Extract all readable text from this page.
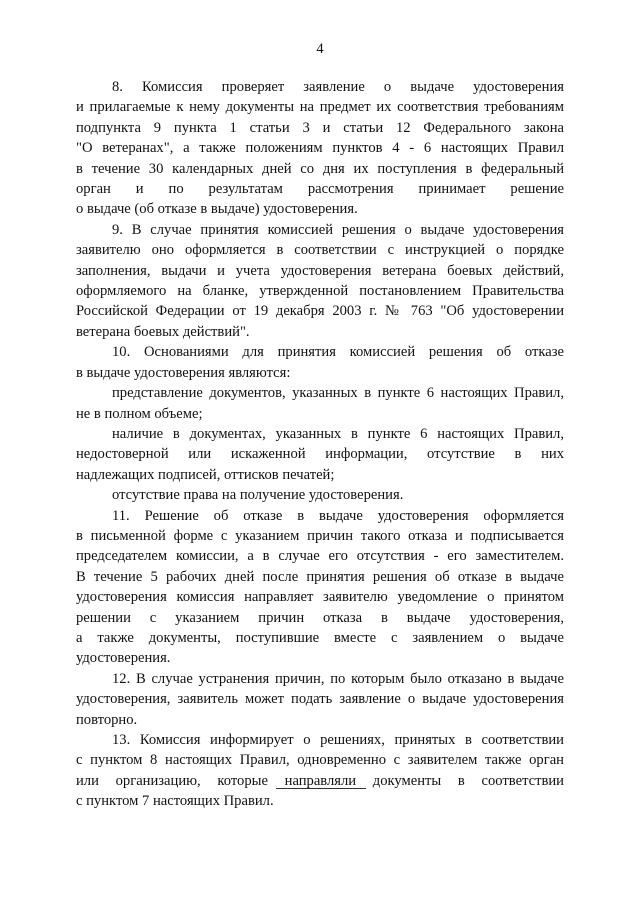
4
8. Комиссия проверяет заявление о выдаче удостоверения
и прилагаемые к нему документы на предмет их соответствия требованиям
подпункта 9 пункта 1 статьи 3 и статьи 12 Федерального закона
"О ветеранах", а также положениям пунктов 4 - 6 настоящих Правил
в течение 30 календарных дней со дня их поступления в федеральный
орган и по результатам рассмотрения принимает решение
о выдаче (об отказе в выдаче) удостоверения.
9. В случае принятия комиссией решения о выдаче удостоверения
заявителю оно оформляется в соответствии с инструкцией о порядке
заполнения, выдачи и учета удостоверения ветерана боевых действий,
оформляемого на бланке, утвержденной постановлением Правительства
Российской Федерации от 19 декабря 2003 г. № 763 "Об удостоверении
ветерана боевых действий".
10. Основаниями для принятия комиссией решения об отказе
в выдаче удостоверения являются:
представление документов, указанных в пункте 6 настоящих Правил,
не в полном объеме;
наличие в документах, указанных в пункте 6 настоящих Правил,
недостоверной или искаженной информации, отсутствие в них
надлежащих подписей, оттисков печатей;
отсутствие права на получение удостоверения.
11. Решение об отказе в выдаче удостоверения оформляется
в письменной форме с указанием причин такого отказа и подписывается
председателем комиссии, а в случае его отсутствия - его заместителем.
В течение 5 рабочих дней после принятия решения об отказе в выдаче
удостоверения комиссия направляет заявителю уведомление о принятом
решении с указанием причин отказа в выдаче удостоверения,
а также документы, поступившие вместе с заявлением о выдаче
удостоверения.
12. В случае устранения причин, по которым было отказано в выдаче
удостоверения, заявитель может подать заявление о выдаче удостоверения
повторно.
13. Комиссия информирует о решениях, принятых в соответствии
с пунктом 8 настоящих Правил, одновременно с заявителем также орган
или организацию, которые направляли документы в соответствии
с пунктом 7 настоящих Правил.
